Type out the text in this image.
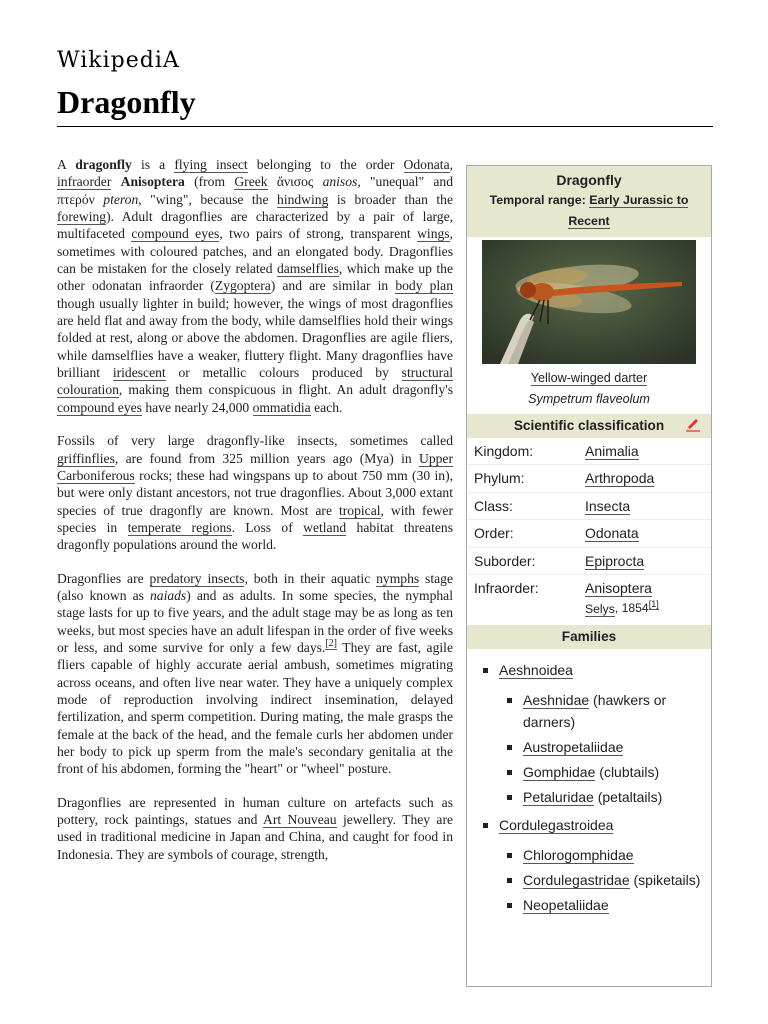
WikipediA
Dragonfly

A dragonfly is a flying insect belonging to the order Odonata, infraorder Anisoptera (from Greek ἄνισος anisos, "unequal" and πτερόν pteron, "wing", because the hindwing is broader than the forewing). Adult dragonflies are characterized by a pair of large, multifaceted compound eyes, two pairs of strong, transparent wings, sometimes with coloured patches, and an elongated body. Dragonflies can be mistaken for the closely related damselflies, which make up the other odonatan infraorder (Zygoptera) and are similar in body plan though usually lighter in build; however, the wings of most dragonflies are held flat and away from the body, while damselflies hold their wings folded at rest, along or above the abdomen. Dragonflies are agile fliers, while damselflies have a weaker, fluttery flight. Many dragonflies have brilliant iridescent or metallic colours produced by structural colouration, making them conspicuous in flight. An adult dragonfly's compound eyes have nearly 24,000 ommatidia each.

Fossils of very large dragonfly-like insects, sometimes called griffinflies, are found from 325 million years ago (Mya) in Upper Carboniferous rocks; these had wingspans up to about 750 mm (30 in), but were only distant ancestors, not true dragonflies. About 3,000 extant species of true dragonfly are known. Most are tropical, with fewer species in temperate regions. Loss of wetland habitat threatens dragonfly populations around the world.

Dragonflies are predatory insects, both in their aquatic nymphs stage (also known as naiads) and as adults. In some species, the nymphal stage lasts for up to five years, and the adult stage may be as long as ten weeks, but most species have an adult lifespan in the order of five weeks or less, and some survive for only a few days.[2] They are fast, agile fliers capable of highly accurate aerial ambush, sometimes migrating across oceans, and often live near water. They have a uniquely complex mode of reproduction involving indirect insemination, delayed fertilization, and sperm competition. During mating, the male grasps the female at the back of the head, and the female curls her abdomen under her body to pick up sperm from the male's secondary genitalia at the front of his abdomen, forming the "heart" or "wheel" posture.

Dragonflies are represented in human culture on artefacts such as pottery, rock paintings, statues and Art Nouveau jewellery. They are used in traditional medicine in Japan and China, and caught for food in Indonesia. They are symbols of courage, strength,

Dragonfly
Temporal range: Early Jurassic to Recent
Yellow-winged darter
Sympetrum flaveolum
Scientific classification
Kingdom:	Animalia
Phylum:	Arthropoda
Class:	Insecta
Order:	Odonata
Suborder:	Epiprocta
Infraorder:	Anisoptera
Selys, 1854[1]
Families
Aeshnoidea
Aeshnidae (hawkers or darners)
Austropetaliidae
Gomphidae (clubtails)
Petaluridae (petaltails)
Cordulegastroidea
Chlorogomphidae
Cordulegastridae (spiketails)
Neopetaliidae
